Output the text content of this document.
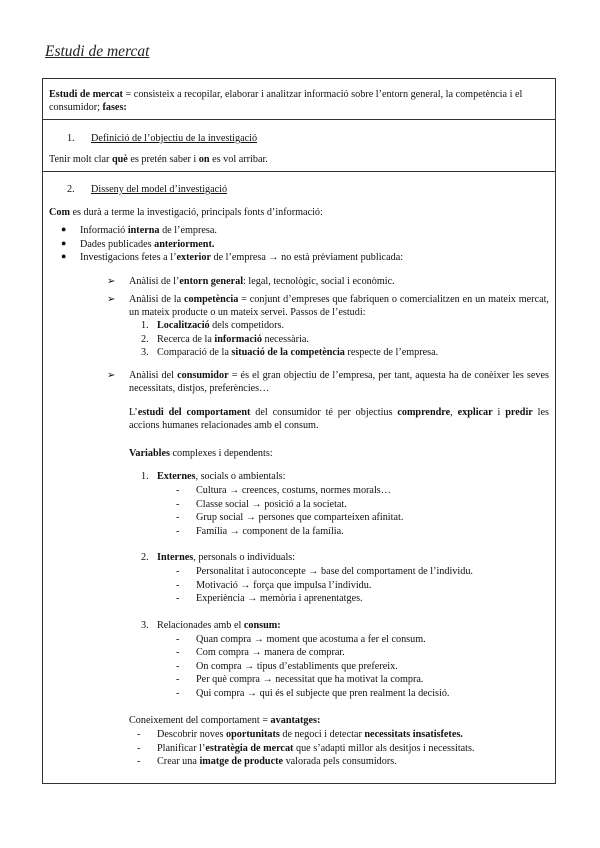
Estudi de mercat
Estudi de mercat = consisteix a recopilar, elaborar i analitzar informació sobre l’entorn general, la competència i el consumidor; fases:
1. Definició de l’objectiu de la investigació
Tenir molt clar què es pretén saber i on es vol arribar.
2. Disseny del model d’investigació
Com es durà a terme la investigació, principals fonts d’informació:
● Informació interna de l’empresa.
● Dades publicades anteriorment.
● Investigacions fetes a l’exterior de l’empresa → no està prèviament publicada:
➢ Anàlisi de l’entorn general: legal, tecnològic, social i econòmic.
➢ Anàlisi de la competència = conjunt d’empreses que fabriquen o comercialitzen en un mateix mercat, un mateix producte o un mateix servei. Passos de l’estudi:
1. Localització dels competidors.
2. Recerca de la informació necessària.
3. Comparació de la situació de la competència respecte de l’empresa.
➢ Anàlisi del consumidor = és el gran objectiu de l’empresa, per tant, aquesta ha de conèixer les seves necessitats, distjos, preferències…
L’estudi del comportament del consumidor té per objectius comprendre, explicar i predir les accions humanes relacionades amb el consum.
Variables complexes i dependents:
1. Externes, socials o ambientals:
- Cultura → creences, costums, normes morals…
- Classe social → posició a la societat.
- Grup social → persones que comparteixen afinitat.
- Família → component de la família.
2. Internes, personals o individuals:
- Personalitat i autoconcepte → base del comportament de l’individu.
- Motivació → força que impulsa l’individu.
- Experiència → memòria i aprenentatges.
3. Relacionades amb el consum:
- Quan compra → moment que acostuma a fer el consum.
- Com compra → manera de comprar.
- On compra → tipus d’establiments que prefereix.
- Per què compra → necessitat que ha motivat la compra.
- Qui compra → qui és el subjecte que pren realment la decisió.
Coneixement del comportament = avantatges:
- Descobrir noves oportunitats de negoci i detectar necessitats insatisfetes.
- Planificar l’estratègia de mercat que s’adapti millor als desitjos i necessitats.
- Crear una imatge de producte valorada pels consumidors.
